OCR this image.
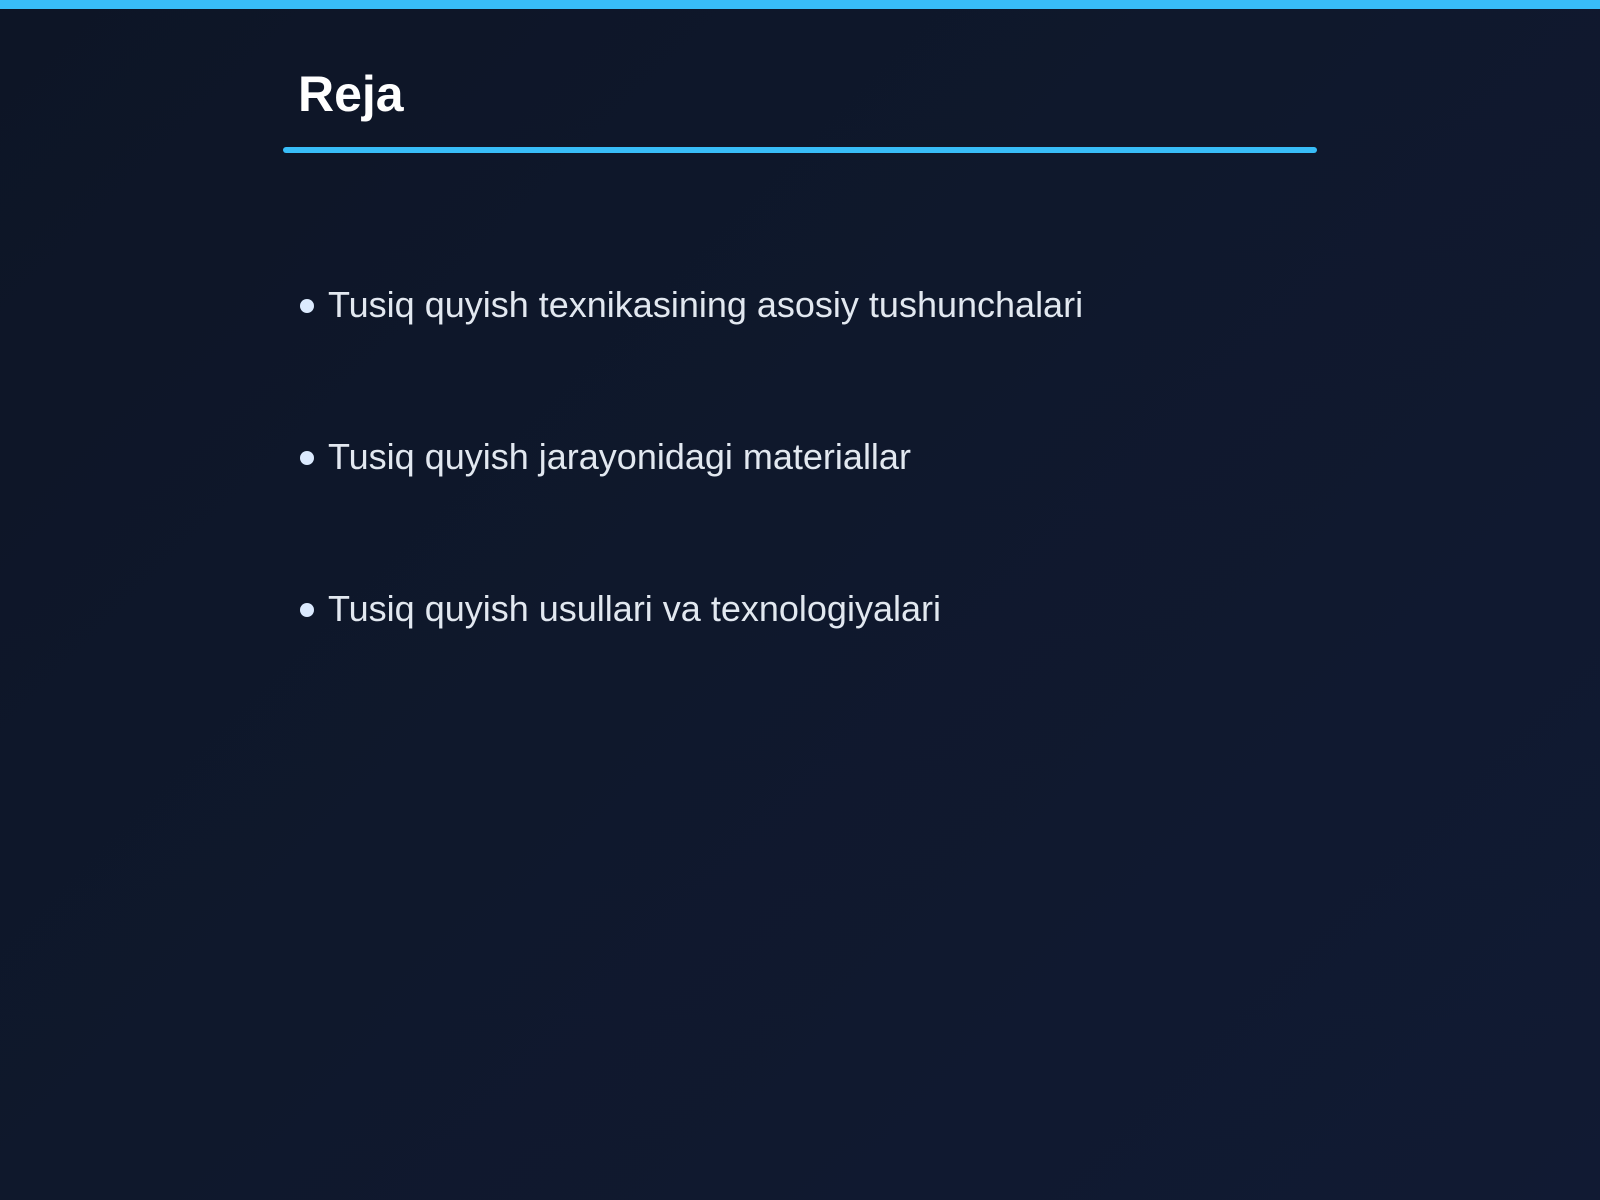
Reja
Tusiq quyish texnikasining asosiy tushunchalari
Tusiq quyish jarayonidagi materiallar
Tusiq quyish usullari va texnologiyalari
